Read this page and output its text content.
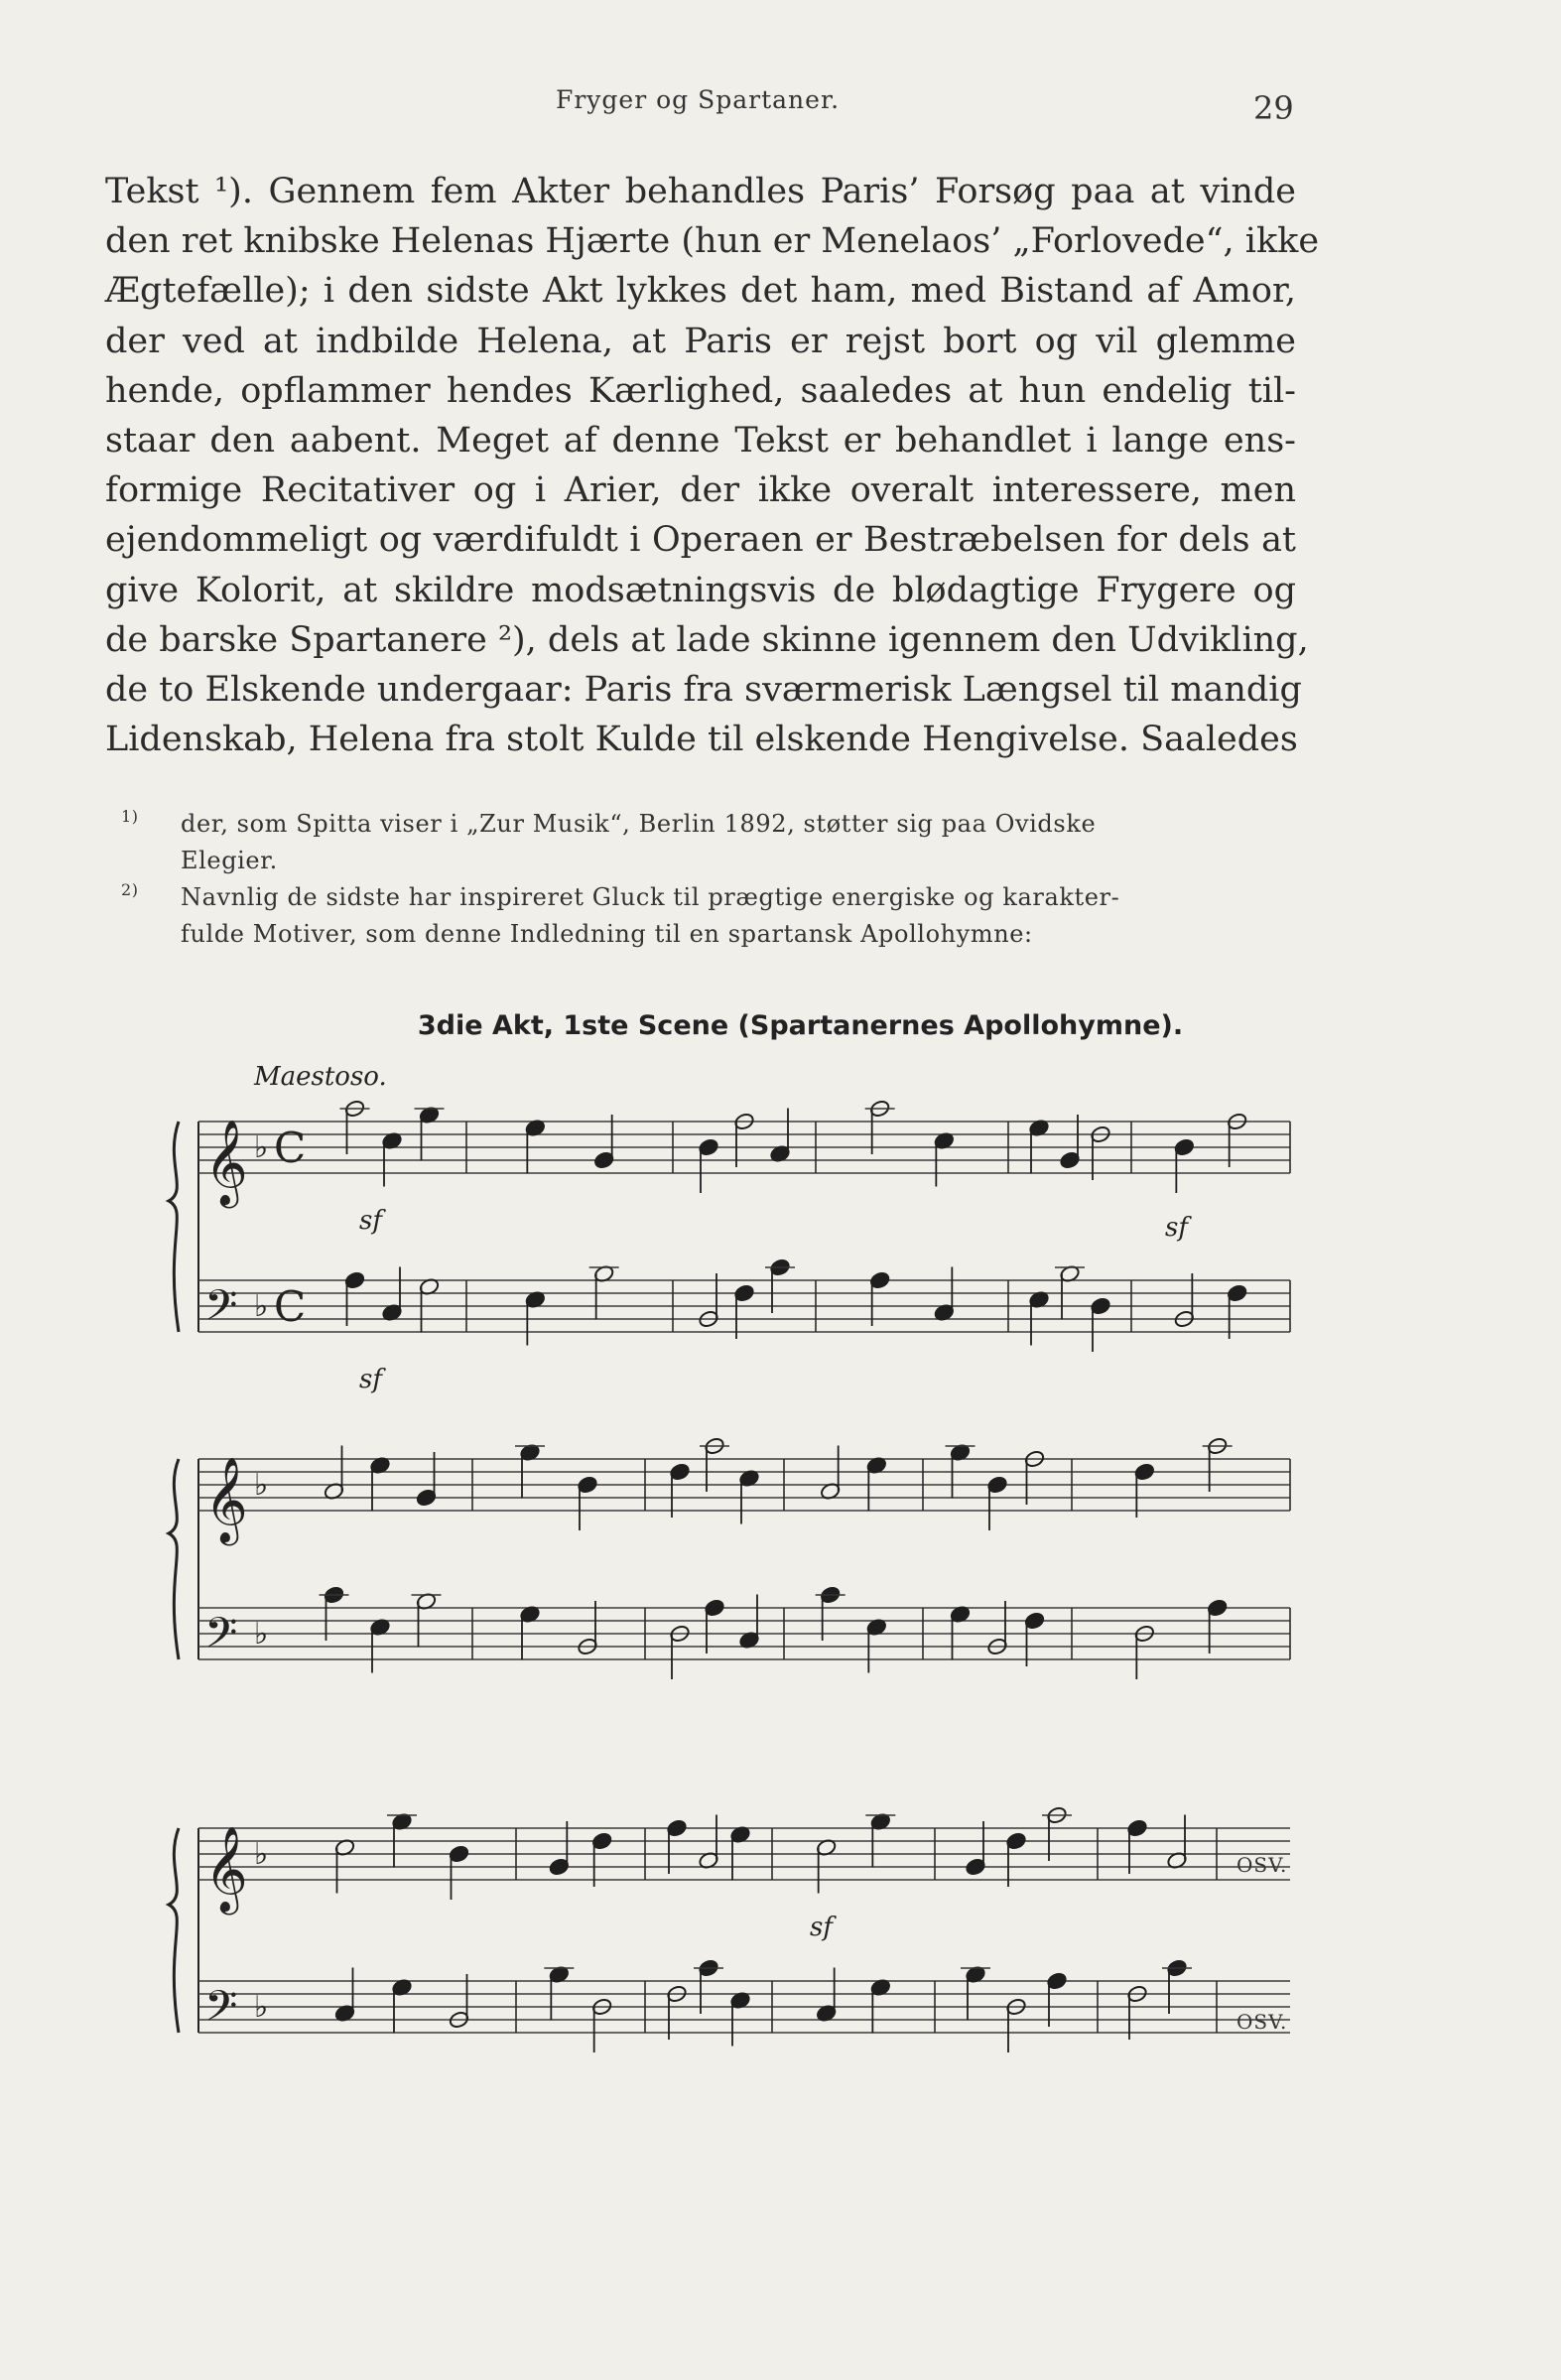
Fryger og Spartaner.	29
Tekst ¹). Gennem fem Akter behandles Paris’ Forsøg paa at vinde
den ret knibske Helenas Hjærte (hun er Menelaos’ „Forlovede“, ikke
Ægtefælle); i den sidste Akt lykkes det ham, med Bistand af Amor,
der ved at indbilde Helena, at Paris er rejst bort og vil glemme
hende, opflammer hendes Kærlighed, saaledes at hun endelig til-
staar den aabent. Meget af denne Tekst er behandlet i lange ens-
formige Recitativer og i Arier, der ikke overalt interessere, men
ejendommeligt og værdifuldt i Operaen er Bestræbelsen for dels at
give Kolorit, at skildre modsætningsvis de blødagtige Frygere og
de barske Spartanere ²), dels at lade skinne igennem den Udvikling,
de to Elskende undergaar: Paris fra sværmerisk Længsel til mandig
Lidenskab, Helena fra stolt Kulde til elskende Hengivelse. Saaledes
1)	der, som Spitta viser i „Zur Musik“, Berlin 1892, støtter sig paa Ovidske
Elegier.
2)	Navnlig de sidste har inspireret Gluck til prægtige energiske og karakter-
fulde Motiver, som denne Indledning til en spartansk Apollohymne:
3die Akt, 1ste Scene (Spartanernes Apollohymne).
Maestoso.
𝄞 ♭ C
𝄢 ♭ C
𝄞 ♭
𝄢 ♭
𝄞 ♭
𝄢 ♭
sf	sf
sf
sf
OSV.
OSV.
